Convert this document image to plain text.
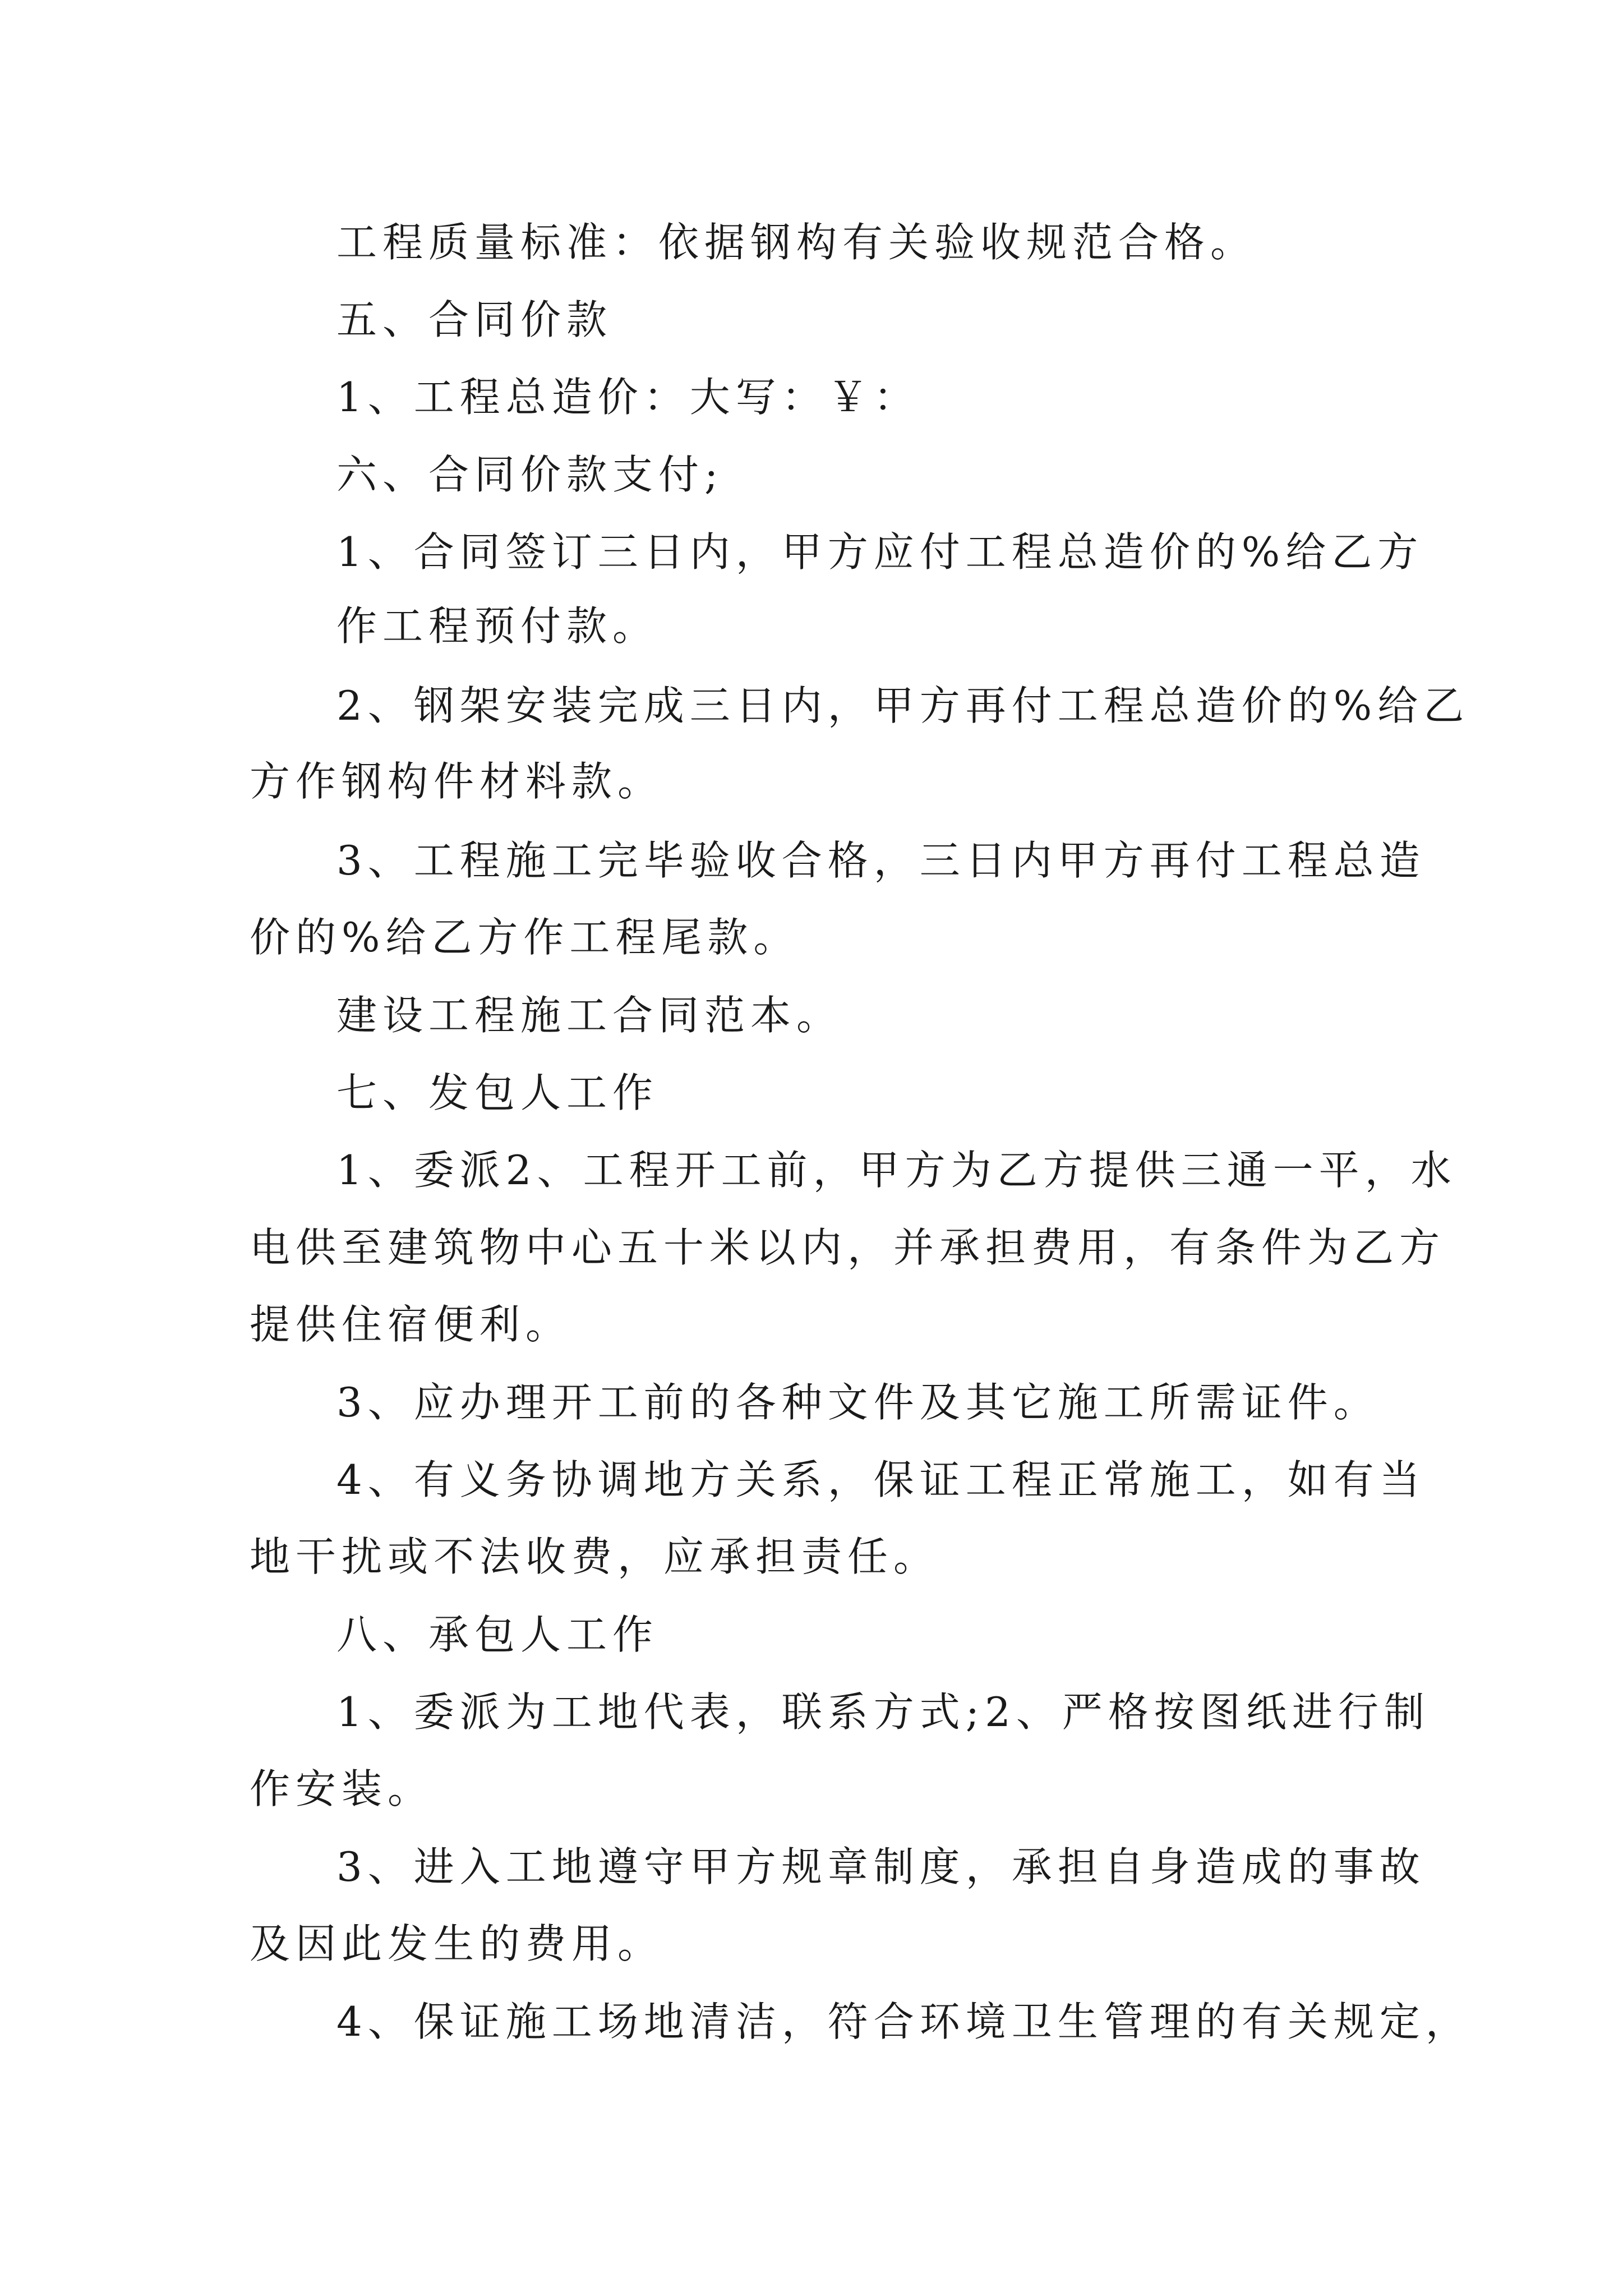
工程质量标准：依据钢构有关验收规范合格。
五、合同价款
1、工程总造价：大写：￥：
六、合同价款支付;
1、合同签订三日内，甲方应付工程总造价的%给乙方
作工程预付款。
2、钢架安装完成三日内，甲方再付工程总造价的%给乙
方作钢构件材料款。
3、工程施工完毕验收合格，三日内甲方再付工程总造
价的%给乙方作工程尾款。
建设工程施工合同范本。
七、发包人工作
1、委派2、工程开工前，甲方为乙方提供三通一平，水
电供至建筑物中心五十米以内，并承担费用，有条件为乙方
提供住宿便利。
3、应办理开工前的各种文件及其它施工所需证件。
4、有义务协调地方关系，保证工程正常施工，如有当
地干扰或不法收费，应承担责任。
八、承包人工作
1、委派为工地代表，联系方式;2、严格按图纸进行制
作安装。
3、进入工地遵守甲方规章制度，承担自身造成的事故
及因此发生的费用。
4、保证施工场地清洁，符合环境卫生管理的有关规定，
